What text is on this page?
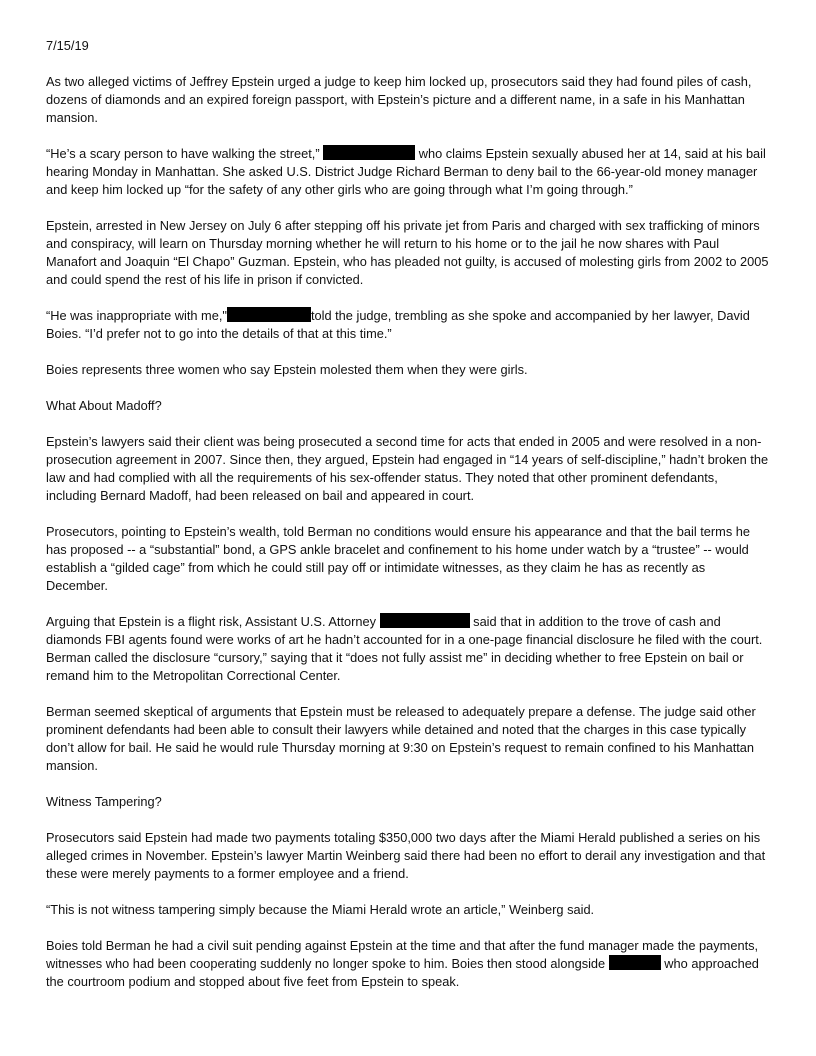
7/15/19

As two alleged victims of Jeffrey Epstein urged a judge to keep him locked up, prosecutors said they had found piles of cash, dozens of diamonds and an expired foreign passport, with Epstein’s picture and a different name, in a safe in his Manhattan mansion.

“He’s a scary person to have walking the street,”	who claims Epstein sexually abused her at 14, said at his bail hearing Monday in Manhattan. She asked U.S. District Judge Richard Berman to deny bail to the 66-year-old money manager and keep him locked up “for the safety of any other girls who are going through what I’m going through.”

Epstein, arrested in New Jersey on July 6 after stepping off his private jet from Paris and charged with sex trafficking of minors and conspiracy, will learn on Thursday morning whether he will return to his home or to the jail he now shares with Paul Manafort and Joaquin “El Chapo” Guzman. Epstein, who has pleaded not guilty, is accused of molesting girls from 2002 to 2005 and could spend the rest of his life in prison if convicted.

“He was inappropriate with me,"	told the judge, trembling as she spoke and accompanied by her lawyer, David Boies. “I’d prefer not to go into the details of that at this time.”

Boies represents three women who say Epstein molested them when they were girls.

What About Madoff?

Epstein’s lawyers said their client was being prosecuted a second time for acts that ended in 2005 and were resolved in a non-prosecution agreement in 2007. Since then, they argued, Epstein had engaged in “14 years of self-discipline,” hadn’t broken the law and had complied with all the requirements of his sex-offender status. They noted that other prominent defendants, including Bernard Madoff, had been released on bail and appeared in court.

Prosecutors, pointing to Epstein’s wealth, told Berman no conditions would ensure his appearance and that the bail terms he has proposed -- a “substantial” bond, a GPS ankle bracelet and confinement to his home under watch by a “trustee” -- would establish a “gilded cage” from which he could still pay off or intimidate witnesses, as they claim he has as recently as December.

Arguing that Epstein is a flight risk, Assistant U.S. Attorney	said that in addition to the trove of cash and diamonds FBI agents found were works of art he hadn’t accounted for in a one-page financial disclosure he filed with the court. Berman called the disclosure “cursory,” saying that it “does not fully assist me” in deciding whether to free Epstein on bail or remand him to the Metropolitan Correctional Center.

Berman seemed skeptical of arguments that Epstein must be released to adequately prepare a defense. The judge said other prominent defendants had been able to consult their lawyers while detained and noted that the charges in this case typically don’t allow for bail. He said he would rule Thursday morning at 9:30 on Epstein’s request to remain confined to his Manhattan mansion.

Witness Tampering?

Prosecutors said Epstein had made two payments totaling $350,000 two days after the Miami Herald published a series on his alleged crimes in November. Epstein’s lawyer Martin Weinberg said there had been no effort to derail any investigation and that these were merely payments to a former employee and a friend.

“This is not witness tampering simply because the Miami Herald wrote an article,” Weinberg said.

Boies told Berman he had a civil suit pending against Epstein at the time and that after the fund manager made the payments, witnesses who had been cooperating suddenly no longer spoke to him. Boies then stood alongside	who approached the courtroom podium and stopped about five feet from Epstein to speak.
